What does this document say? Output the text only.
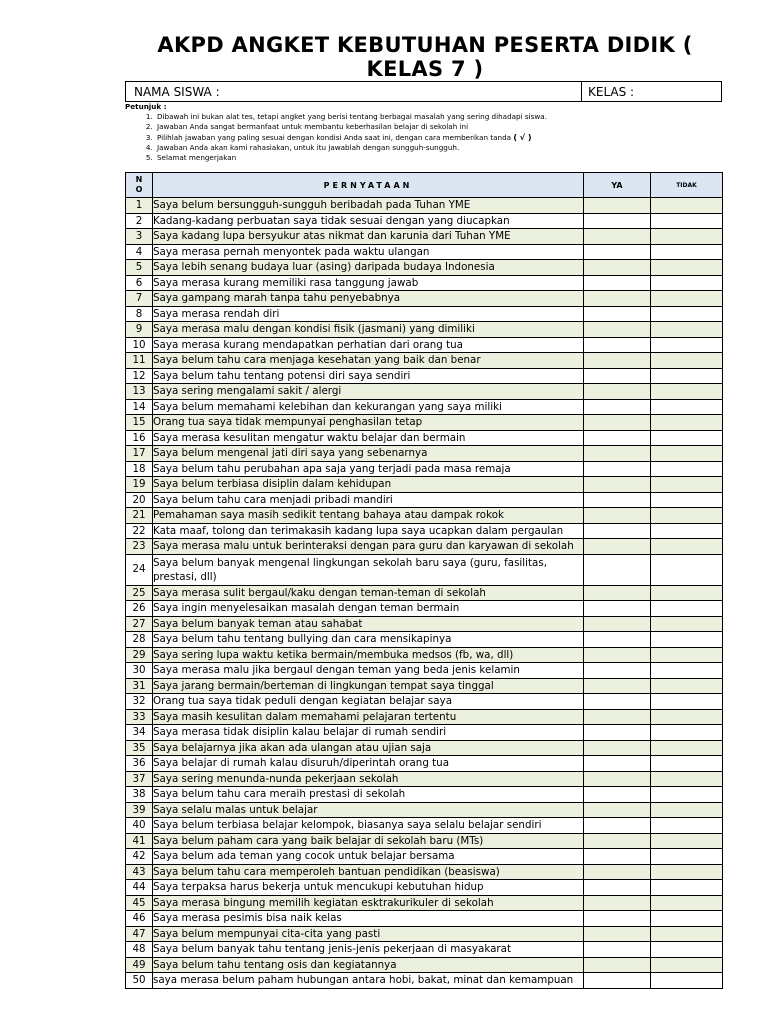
AKPD ANGKET KEBUTUHAN PESERTA DIDIK ( KELAS 7 )
NAMA SISWA :	KELAS :
Petunjuk :
1. Dibawah ini bukan alat tes, tetapi angket yang berisi tentang berbagai masalah yang sering dihadapi siswa.
2. Jawaban Anda sangat bermanfaat untuk membantu keberhasilan belajar di sekolah ini
3. Pilihlah jawaban yang paling sesuai dengan kondisi Anda saat ini, dengan cara memberikan tanda ( √ )
4. Jawaban Anda akan kami rahasiakan, untuk itu jawablah dengan sungguh-sungguh.
5. Selamat mengerjakan
NO	PERNYATAAN	YA	TIDAK
1	Saya belum bersungguh-sungguh beribadah pada Tuhan YME		
2	Kadang-kadang perbuatan saya tidak sesuai dengan yang diucapkan		
3	Saya kadang lupa bersyukur atas nikmat dan karunia dari Tuhan YME		
4	Saya merasa pernah menyontek pada waktu ulangan		
5	Saya lebih senang budaya luar (asing) daripada budaya Indonesia		
6	Saya merasa kurang memiliki rasa tanggung jawab		
7	Saya gampang marah tanpa tahu penyebabnya		
8	Saya merasa rendah diri		
9	Saya merasa malu dengan kondisi fisik (jasmani) yang dimiliki		
10	Saya merasa kurang mendapatkan perhatian dari orang tua		
11	Saya belum tahu cara menjaga kesehatan yang baik dan benar		
12	Saya belum tahu tentang potensi diri saya sendiri		
13	Saya sering mengalami sakit / alergi		
14	Saya belum memahami kelebihan dan kekurangan yang saya miliki		
15	Orang tua saya tidak mempunyai penghasilan tetap		
16	Saya merasa kesulitan mengatur waktu belajar dan bermain		
17	Saya belum mengenal jati diri saya yang sebenarnya		
18	Saya belum tahu perubahan apa saja yang terjadi pada masa remaja		
19	Saya belum terbiasa disiplin dalam kehidupan		
20	Saya belum tahu cara menjadi pribadi mandiri		
21	Pemahaman saya masih sedikit tentang bahaya atau dampak rokok		
22	Kata maaf, tolong dan terimakasih kadang lupa saya ucapkan dalam pergaulan		
23	Saya merasa malu untuk berinteraksi dengan para guru dan karyawan di sekolah		
24	Saya belum banyak mengenal lingkungan sekolah baru saya (guru, fasilitas, prestasi, dll)		
25	Saya merasa sulit bergaul/kaku dengan teman-teman di sekolah		
26	Saya ingin menyelesaikan masalah dengan teman bermain		
27	Saya belum banyak teman atau sahabat		
28	Saya belum tahu tentang bullying dan cara mensikapinya		
29	Saya sering lupa waktu ketika bermain/membuka medsos (fb, wa, dll)		
30	Saya merasa malu jika bergaul dengan teman yang beda jenis kelamin		
31	Saya jarang bermain/berteman di lingkungan tempat saya tinggal		
32	Orang tua saya tidak peduli dengan kegiatan belajar saya		
33	Saya masih kesulitan dalam memahami pelajaran tertentu		
34	Saya merasa tidak disiplin kalau belajar di rumah sendiri		
35	Saya belajarnya jika akan ada ulangan atau ujian saja		
36	Saya belajar di rumah kalau disuruh/diperintah orang tua		
37	Saya sering menunda-nunda pekerjaan sekolah		
38	Saya belum tahu cara meraih prestasi di sekolah		
39	Saya selalu malas untuk belajar		
40	Saya belum terbiasa belajar kelompok, biasanya saya selalu belajar sendiri		
41	Saya belum paham cara yang baik belajar di sekolah baru (MTs)		
42	Saya belum ada teman yang cocok untuk belajar bersama		
43	Saya belum tahu cara memperoleh bantuan pendidikan (beasiswa)		
44	Saya terpaksa harus bekerja untuk mencukupi kebutuhan hidup		
45	Saya merasa bingung memilih kegiatan esktrakurikuler di sekolah		
46	Saya merasa pesimis bisa naik kelas		
47	Saya belum mempunyai cita-cita yang pasti		
48	Saya belum banyak tahu tentang jenis-jenis pekerjaan di masyakarat		
49	Saya belum tahu tentang osis dan kegiatannya		
50	saya merasa belum paham hubungan antara hobi, bakat, minat dan kemampuan		
